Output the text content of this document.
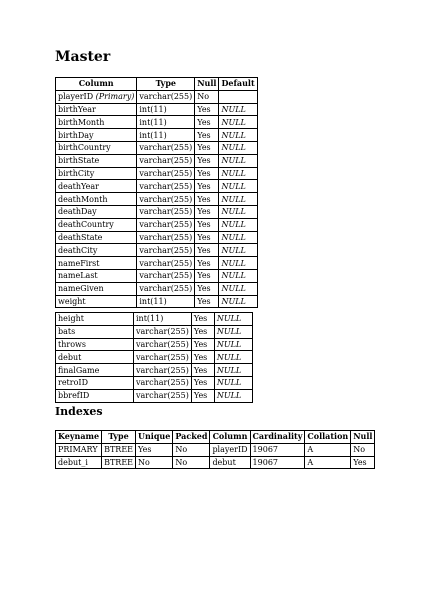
Master
Column	Type	Null	Default
playerID (Primary)	varchar(255)	No	
birthYear	int(11)	Yes	NULL
birthMonth	int(11)	Yes	NULL
birthDay	int(11)	Yes	NULL
birthCountry	varchar(255)	Yes	NULL
birthState	varchar(255)	Yes	NULL
birthCity	varchar(255)	Yes	NULL
deathYear	varchar(255)	Yes	NULL
deathMonth	varchar(255)	Yes	NULL
deathDay	varchar(255)	Yes	NULL
deathCountry	varchar(255)	Yes	NULL
deathState	varchar(255)	Yes	NULL
deathCity	varchar(255)	Yes	NULL
nameFirst	varchar(255)	Yes	NULL
nameLast	varchar(255)	Yes	NULL
nameGiven	varchar(255)	Yes	NULL
weight	int(11)	Yes	NULL
height	int(11)	Yes	NULL
bats	varchar(255)	Yes	NULL
throws	varchar(255)	Yes	NULL
debut	varchar(255)	Yes	NULL
finalGame	varchar(255)	Yes	NULL
retroID	varchar(255)	Yes	NULL
bbrefID	varchar(255)	Yes	NULL
Indexes
Keyname	Type	Unique	Packed	Column	Cardinality	Collation	Null
PRIMARY	BTREE	Yes	No	playerID	19067	A	No
debut_i	BTREE	No	No	debut	19067	A	Yes
